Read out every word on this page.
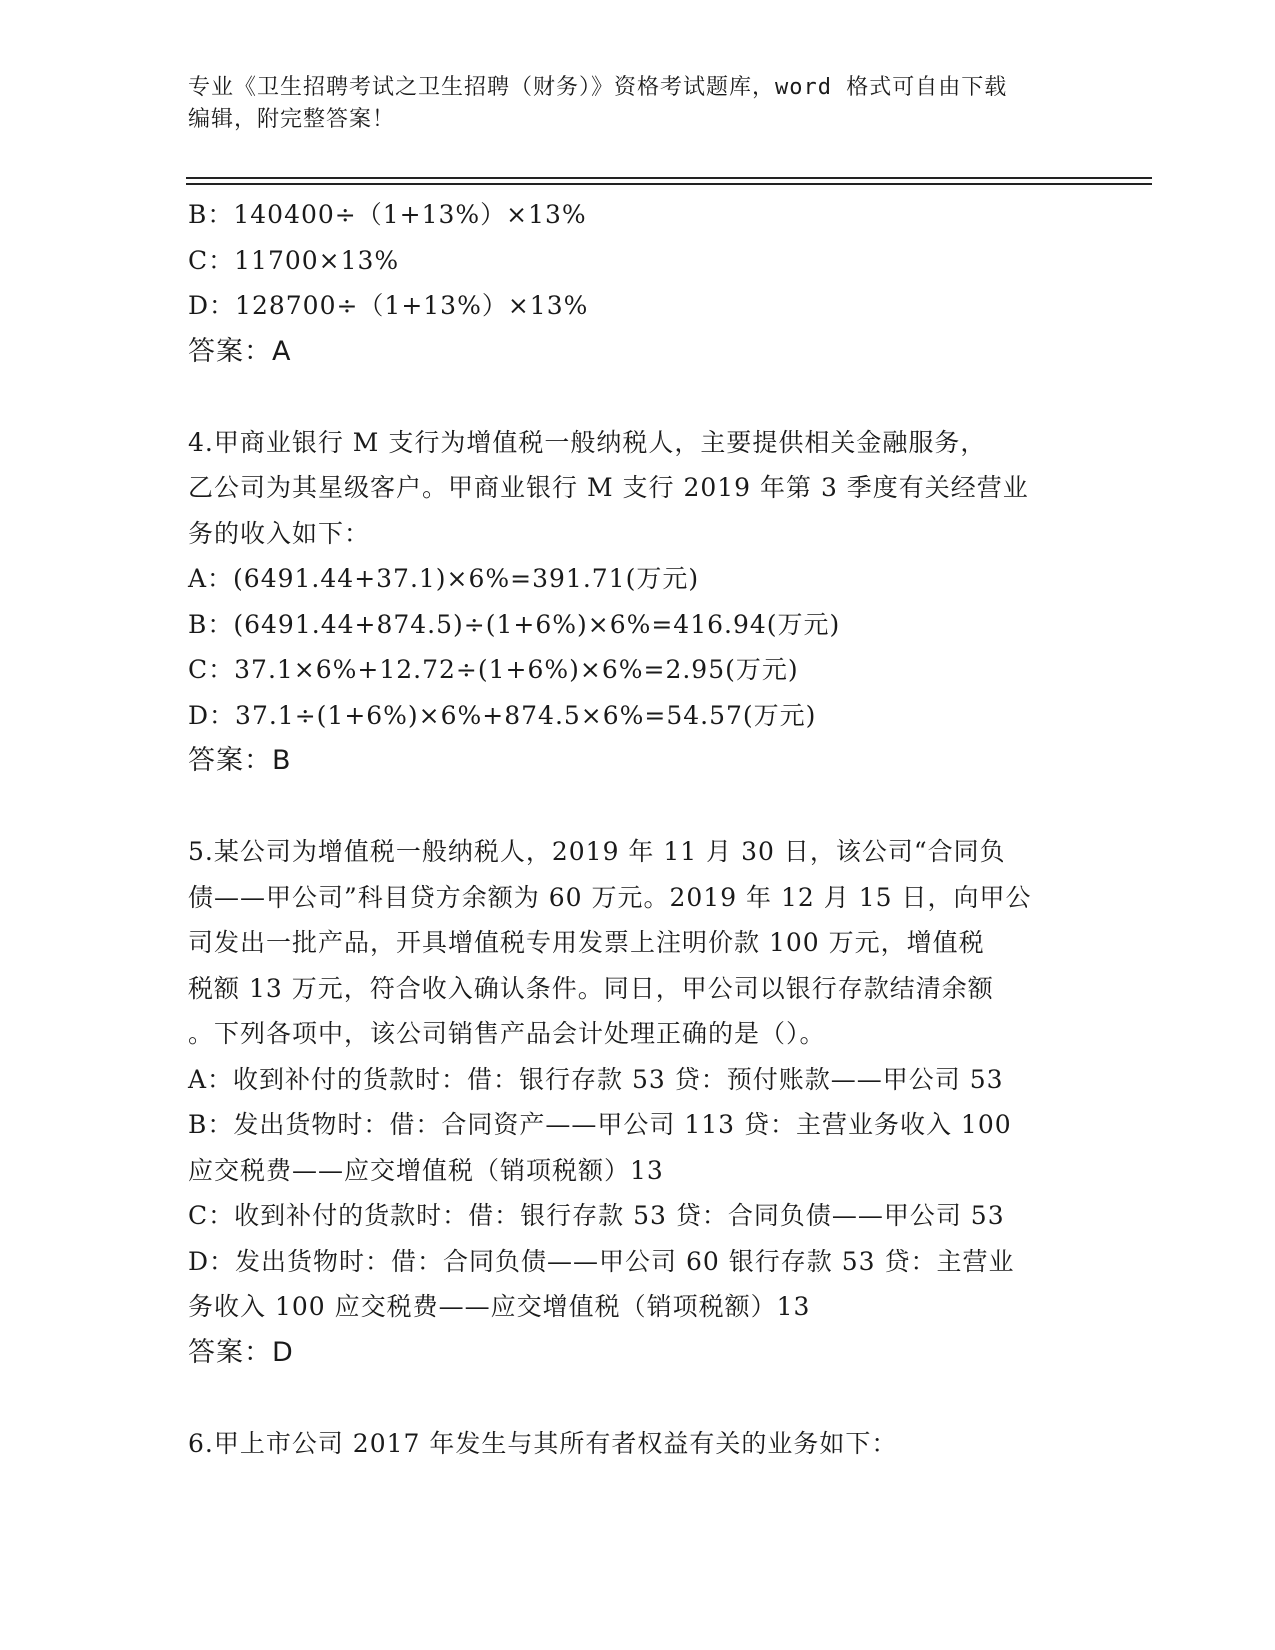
专业《卫生招聘考试之卫生招聘（财务）》资格考试题库，word 格式可自由下载
编辑，附完整答案！
B：140400÷（1+13%）×13%
C：11700×13%
D：128700÷（1+13%）×13%
答案：A
4.甲商业银行 M 支行为增值税一般纳税人，主要提供相关金融服务，
乙公司为其星级客户。甲商业银行 M 支行 2019 年第 3 季度有关经营业
务的收入如下：
A：(6491.44+37.1)×6%=391.71(万元)
B：(6491.44+874.5)÷(1+6%)×6%=416.94(万元)
C：37.1×6%+12.72÷(1+6%)×6%=2.95(万元)
D：37.1÷(1+6%)×6%+874.5×6%=54.57(万元)
答案：B
5.某公司为增值税一般纳税人，2019 年 11 月 30 日，该公司“合同负
债——甲公司”科目贷方余额为 60 万元。2019 年 12 月 15 日，向甲公
司发出一批产品，开具增值税专用发票上注明价款 100 万元，增值税
税额 13 万元，符合收入确认条件。同日，甲公司以银行存款结清余额
。下列各项中，该公司销售产品会计处理正确的是（）。
A：收到补付的货款时：借：银行存款 53 贷：预付账款——甲公司 53
B：发出货物时：借：合同资产——甲公司 113 贷：主营业务收入 100
应交税费——应交增值税（销项税额）13
C：收到补付的货款时：借：银行存款 53 贷：合同负债——甲公司 53
D：发出货物时：借：合同负债——甲公司 60 银行存款 53 贷：主营业
务收入 100 应交税费——应交增值税（销项税额）13
答案：D
6.甲上市公司 2017 年发生与其所有者权益有关的业务如下：
